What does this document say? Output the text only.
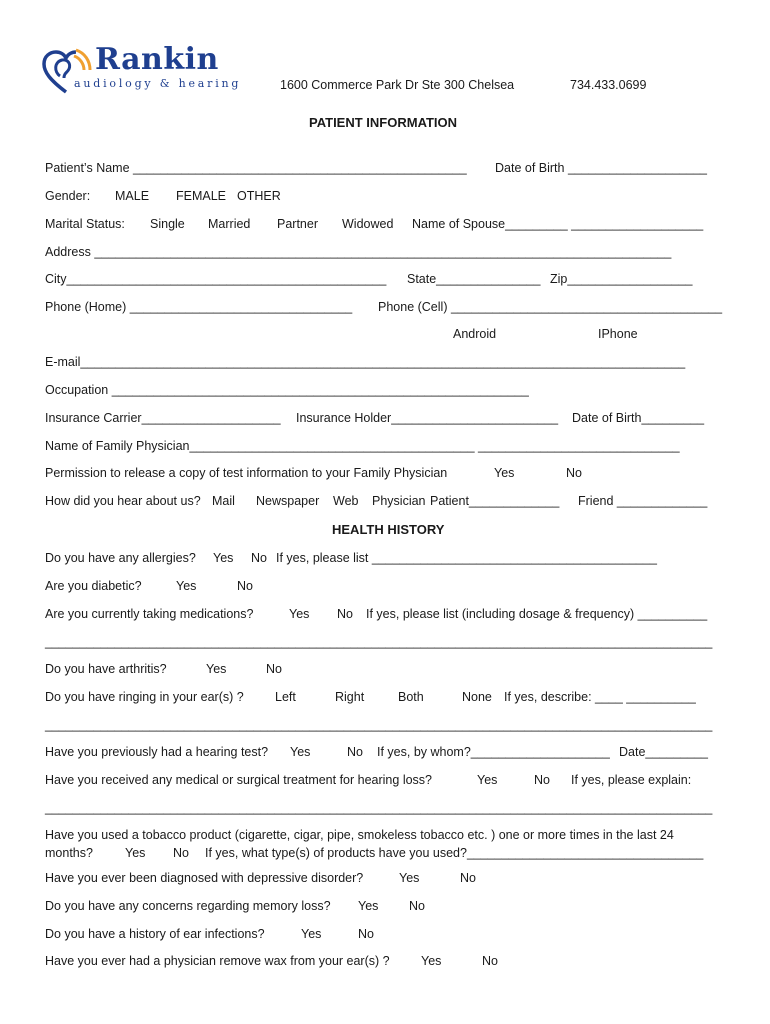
Rankin
audiology & hearing	1600 Commerce Park Dr Ste 300 Chelsea	734.433.0699
PATIENT INFORMATION
Patient’s Name ________________________________________________ Date of Birth ____________________
Gender: MALE FEMALE OTHER
Marital Status: Single Married Partner Widowed Name of Spouse_________ ___________________
Address ___________________________________________________________________________________
City______________________________________________ State_______________ Zip__________________
Phone (Home) ________________________________ Phone (Cell) _______________________________________
Android	IPhone
E-mail_______________________________________________________________________________________
Occupation ____________________________________________________________
Insurance Carrier____________________ Insurance Holder________________________ Date of Birth_________
Name of Family Physician_________________________________________ _____________________________
Permission to release a copy of test information to your Family Physician	Yes	No
How did you hear about us? Mail Newspaper Web Physician Patient_____________ Friend _____________
HEALTH HISTORY
Do you have any allergies? Yes No If yes, please list _________________________________________
Are you diabetic?	Yes	No
Are you currently taking medications?	Yes No If yes, please list (including dosage & frequency) __________
________________________________________________________________________________________________
Do you have arthritis?	Yes	No
Do you have ringing in your ear(s) ?	Left	Right	Both	None If yes, describe: ____ __________
________________________________________________________________________________________________
Have you previously had a hearing test? Yes	No If yes, by whom?____________________ Date_________
Have you received any medical or surgical treatment for hearing loss?	Yes	No If yes, please explain:
________________________________________________________________________________________________
Have you used a tobacco product (cigarette, cigar, pipe, smokeless tobacco etc. ) one or more times in the last 24
months?	Yes No If yes, what type(s) of products have you used?__________________________________
Have you ever been diagnosed with depressive disorder?	Yes	No
Do you have any concerns regarding memory loss? Yes No
Do you have a history of ear infections?	Yes	No
Have you ever had a physician remove wax from your ear(s) ?	Yes	No
